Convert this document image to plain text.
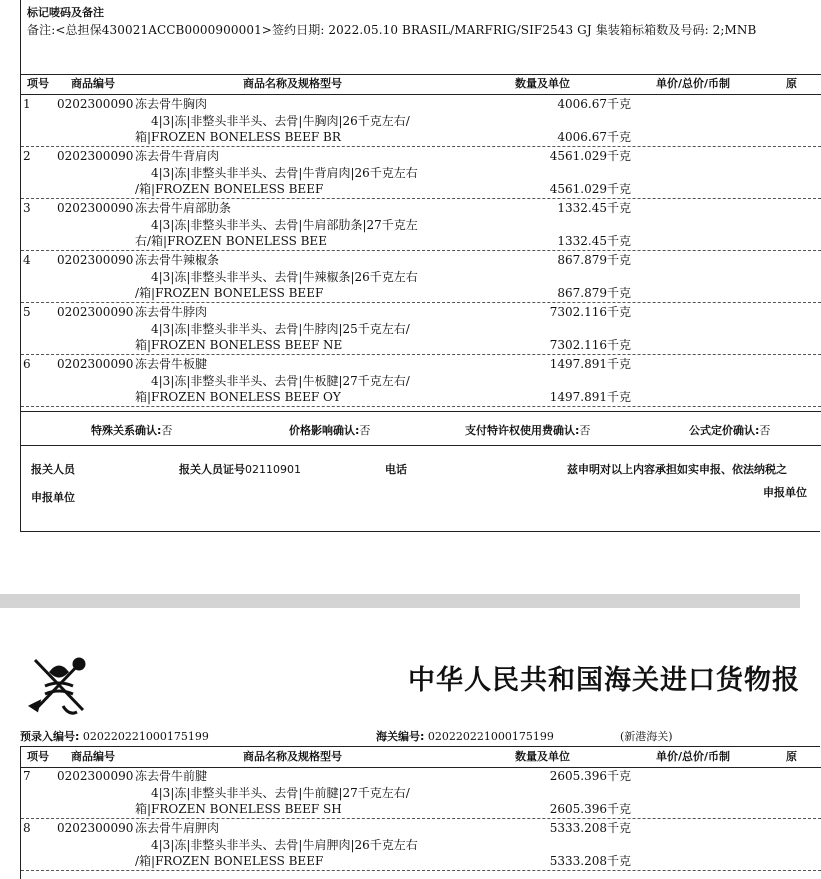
标记唛码及备注
备注:<总担保430021ACCB0000900001>签约日期: 2022.05.10 BRASIL/MARFRIG/SIF2543 GJ 集装箱标箱数及号码: 2;MNB
项号 商品编号	商品名称及规格型号	数量及单位	单价/总价/币制	原
1 0202300090 冻去骨牛胸肉
4|3|冻|非整头非半头、去骨|牛胸肉|26千克左右/
箱|FROZEN BONELESS BEEF BR
4006.67千克
4006.67千克
2 0202300090 冻去骨牛背肩肉
4|3|冻|非整头非半头、去骨|牛背肩肉|26千克左右
/箱|FROZEN BONELESS BEEF
4561.029千克
4561.029千克
3 0202300090 冻去骨牛肩部肋条
4|3|冻|非整头非半头、去骨|牛肩部肋条|27千克左
右/箱|FROZEN BONELESS BEE
1332.45千克
1332.45千克
4 0202300090 冻去骨牛辣椒条
4|3|冻|非整头非半头、去骨|牛辣椒条|26千克左右
/箱|FROZEN BONELESS BEEF
867.879千克
867.879千克
5 0202300090 冻去骨牛脖肉
4|3|冻|非整头非半头、去骨|牛脖肉|25千克左右/
箱|FROZEN BONELESS BEEF NE
7302.116千克
7302.116千克
6 0202300090 冻去骨牛板腱
4|3|冻|非整头非半头、去骨|牛板腱|27千克左右/
箱|FROZEN BONELESS BEEF OY
1497.891千克
1497.891千克
特殊关系确认:否	价格影响确认:否	支付特许权使用费确认:否	公式定价确认:否
报关人员	报关人员证号02110901	电话	兹申明对以上内容承担如实申报、依法纳税之
申报单位	申报单位
中华人民共和国海关进口货物报
预录入编号: 020220221000175199	海关编号: 020220221000175199	(新港海关)
项号 商品编号	商品名称及规格型号	数量及单位	单价/总价/币制	原
7 0202300090 冻去骨牛前腱
4|3|冻|非整头非半头、去骨|牛前腱|27千克左右/
箱|FROZEN BONELESS BEEF SH
2605.396千克
2605.396千克
8 0202300090 冻去骨牛肩胛肉
4|3|冻|非整头非半头、去骨|牛肩胛肉|26千克左右
/箱|FROZEN BONELESS BEEF
5333.208千克
5333.208千克
